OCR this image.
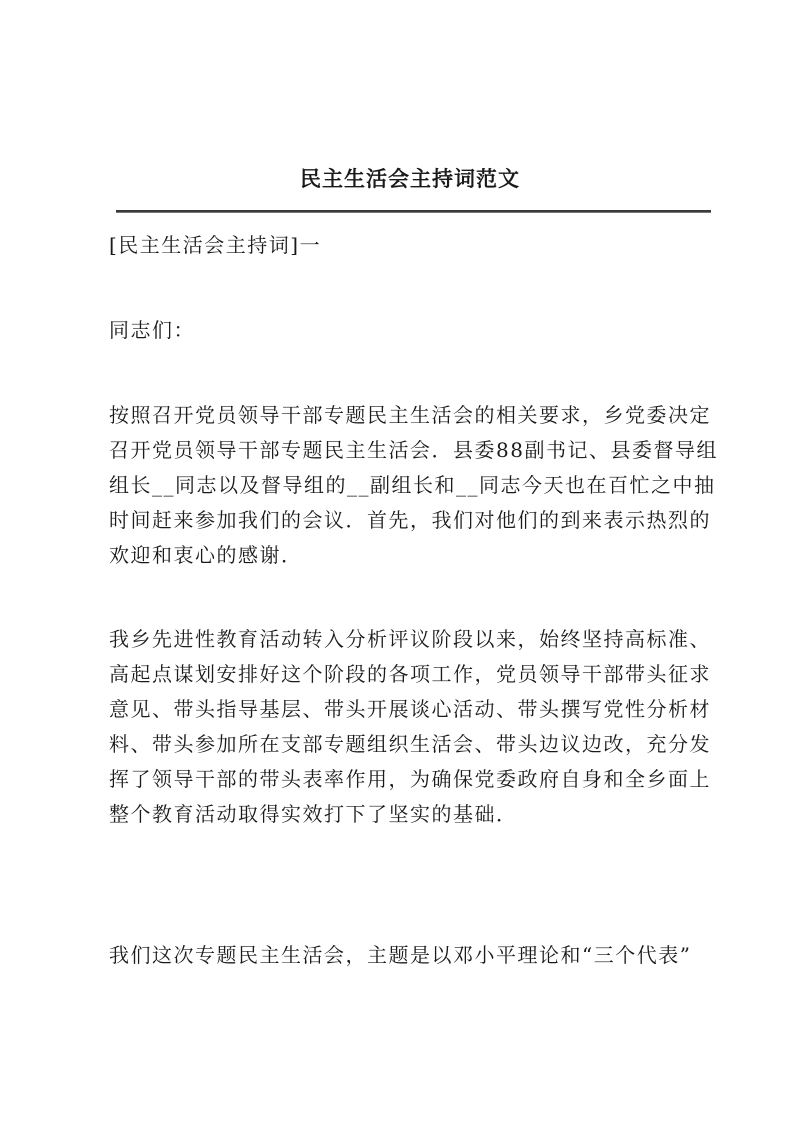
民主生活会主持词范文

[民主生活会主持词]一

同志们：

按照召开党员领导干部专题民主生活会的相关要求，乡党委决定召开党员领导干部专题民主生活会．县委88副书记、县委督导组组长__同志以及督导组的__副组长和__同志今天也在百忙之中抽时间赶来参加我们的会议．首先，我们对他们的到来表示热烈的欢迎和衷心的感谢．

我乡先进性教育活动转入分析评议阶段以来，始终坚持高标准、高起点谋划安排好这个阶段的各项工作，党员领导干部带头征求意见、带头指导基层、带头开展谈心活动、带头撰写党性分析材料、带头参加所在支部专题组织生活会、带头边议边改，充分发挥了领导干部的带头表率作用，为确保党委政府自身和全乡面上整个教育活动取得实效打下了坚实的基础．

我们这次专题民主生活会，主题是以邓小平理论和“三个代表”
